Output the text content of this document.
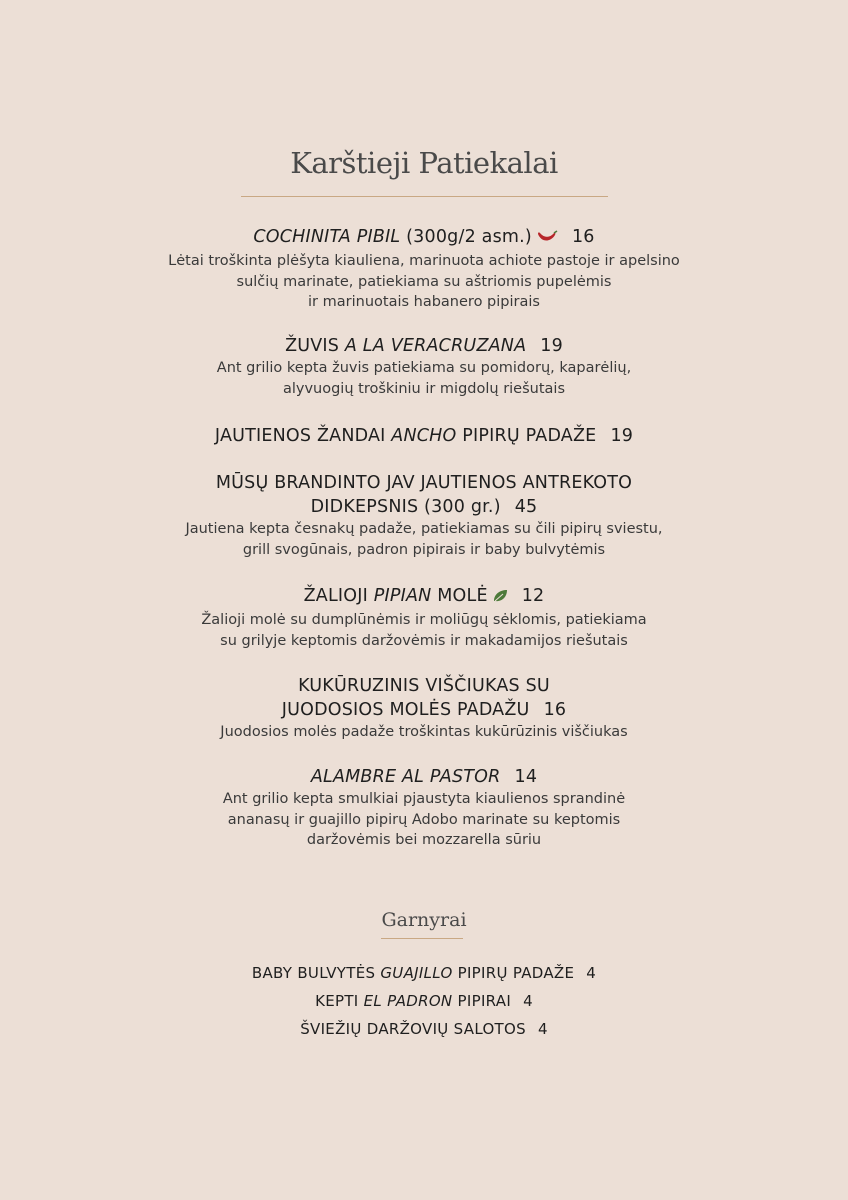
Karštieji Patiekalai
COCHINITA PIBIL (300g/2 asm.) 16
Lėtai troškinta plėšyta kiauliena, marinuota achiote pastoje ir apelsino
sulčių marinate, patiekiama su aštriomis pupelėmis
ir marinuotais habanero pipirais
ŽUVIS A LA VERACRUZANA 19
Ant grilio kepta žuvis patiekiama su pomidorų, kaparėlių,
alyvuogių troškiniu ir migdolų riešutais
JAUTIENOS ŽANDAI ANCHO PIPIRŲ PADAŽE 19
MŪSŲ BRANDINTO JAV JAUTIENOS ANTREKOTO
DIDKEPSNIS (300 gr.) 45
Jautiena kepta česnakų padaže, patiekiamas su čili pipirų sviestu,
grill svogūnais, padron pipirais ir baby bulvytėmis
ŽALIOJI PIPIAN MOLĖ 12
Žalioji molė su dumplūnėmis ir moliūgų sėklomis, patiekiama
su grilyje keptomis daržovėmis ir makadamijos riešutais
KUKŪRUZINIS VIŠČIUKAS SU
JUODOSIOS MOLĖS PADAŽU 16
Juodosios molės padaže troškintas kukūrūzinis viščiukas
ALAMBRE AL PASTOR 14
Ant grilio kepta smulkiai pjaustyta kiaulienos sprandinė
ananasų ir guajillo pipirų Adobo marinate su keptomis
daržovėmis bei mozzarella sūriu
Garnyrai
BABY BULVYTĖS GUAJILLO PIPIRŲ PADAŽE 4
KEPTI EL PADRON PIPIRAI 4
ŠVIEŽIŲ DARŽOVIŲ SALOTOS 4
